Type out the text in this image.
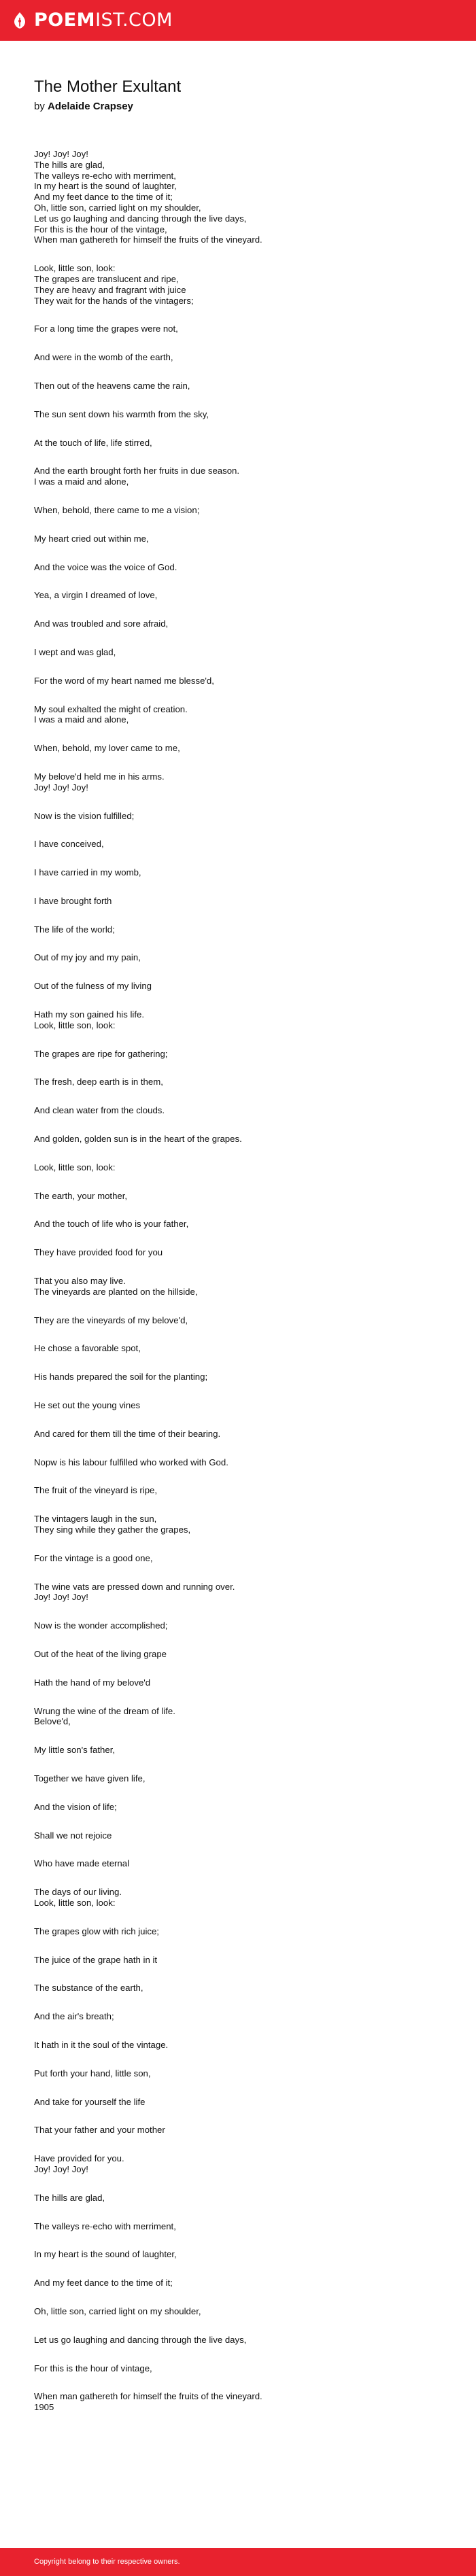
POEMIST.COM
The Mother Exultant
by Adelaide Crapsey

Joy! Joy! Joy!
The hills are glad,
The valleys re-echo with merriment,
In my heart is the sound of laughter,
And my feet dance to the time of it;
Oh, little son, carried light on my shoulder,
Let us go laughing and dancing through the live days,
For this is the hour of the vintage,
When man gathereth for himself the fruits of the vineyard.

Look, little son, look:
The grapes are translucent and ripe,
They are heavy and fragrant with juice
They wait for the hands of the vintagers;

For a long time the grapes were not,

And were in the womb of the earth,

Then out of the heavens came the rain,

The sun sent down his warmth from the sky,

At the touch of life, life stirred,

And the earth brought forth her fruits in due season.
I was a maid and alone,

When, behold, there came to me a vision;

My heart cried out within me,

And the voice was the voice of God.

Yea, a virgin I dreamed of love,

And was troubled and sore afraid,

I wept and was glad,

For the word of my heart named me blesse'd,

My soul exhalted the might of creation.
I was a maid and alone,

When, behold, my lover came to me,

My belove'd held me in his arms.
Joy! Joy! Joy!

Now is the vision fulfilled;

I have conceived,

I have carried in my womb,

I have brought forth

The life of the world;

Out of my joy and my pain,

Out of the fulness of my living

Hath my son gained his life.
Look, little son, look:

The grapes are ripe for gathering;

The fresh, deep earth is in them,

And clean water from the clouds.

And golden, golden sun is in the heart of the grapes.

Look, little son, look:

The earth, your mother,

And the touch of life who is your father,

They have provided food for you

That you also may live.
The vineyards are planted on the hillside,

They are the vineyards of my belove'd,

He chose a favorable spot,

His hands prepared the soil for the planting;

He set out the young vines

And cared for them till the time of their bearing.

Nopw is his labour fulfilled who worked with God.

The fruit of the vineyard is ripe,

The vintagers laugh in the sun,
They sing while they gather the grapes,

For the vintage is a good one,

The wine vats are pressed down and running over.
Joy! Joy! Joy!

Now is the wonder accomplished;

Out of the heat of the living grape

Hath the hand of my belove'd

Wrung the wine of the dream of life.
Belove'd,

My little son's father,

Together we have given life,

And the vision of life;

Shall we not rejoice

Who have made eternal

The days of our living.
Look, little son, look:

The grapes glow with rich juice;

The juice of the grape hath in it

The substance of the earth,

And the air's breath;

It hath in it the soul of the vintage.

Put forth your hand, little son,

And take for yourself the life

That your father and your mother

Have provided for you.
Joy! Joy! Joy!

The hills are glad,

The valleys re-echo with merriment,

In my heart is the sound of laughter,

And my feet dance to the time of it;

Oh, little son, carried light on my shoulder,

Let us go laughing and dancing through the live days,

For this is the hour of vintage,

When man gathereth for himself the fruits of the vineyard.
1905

Copyright belong to their respective owners.
